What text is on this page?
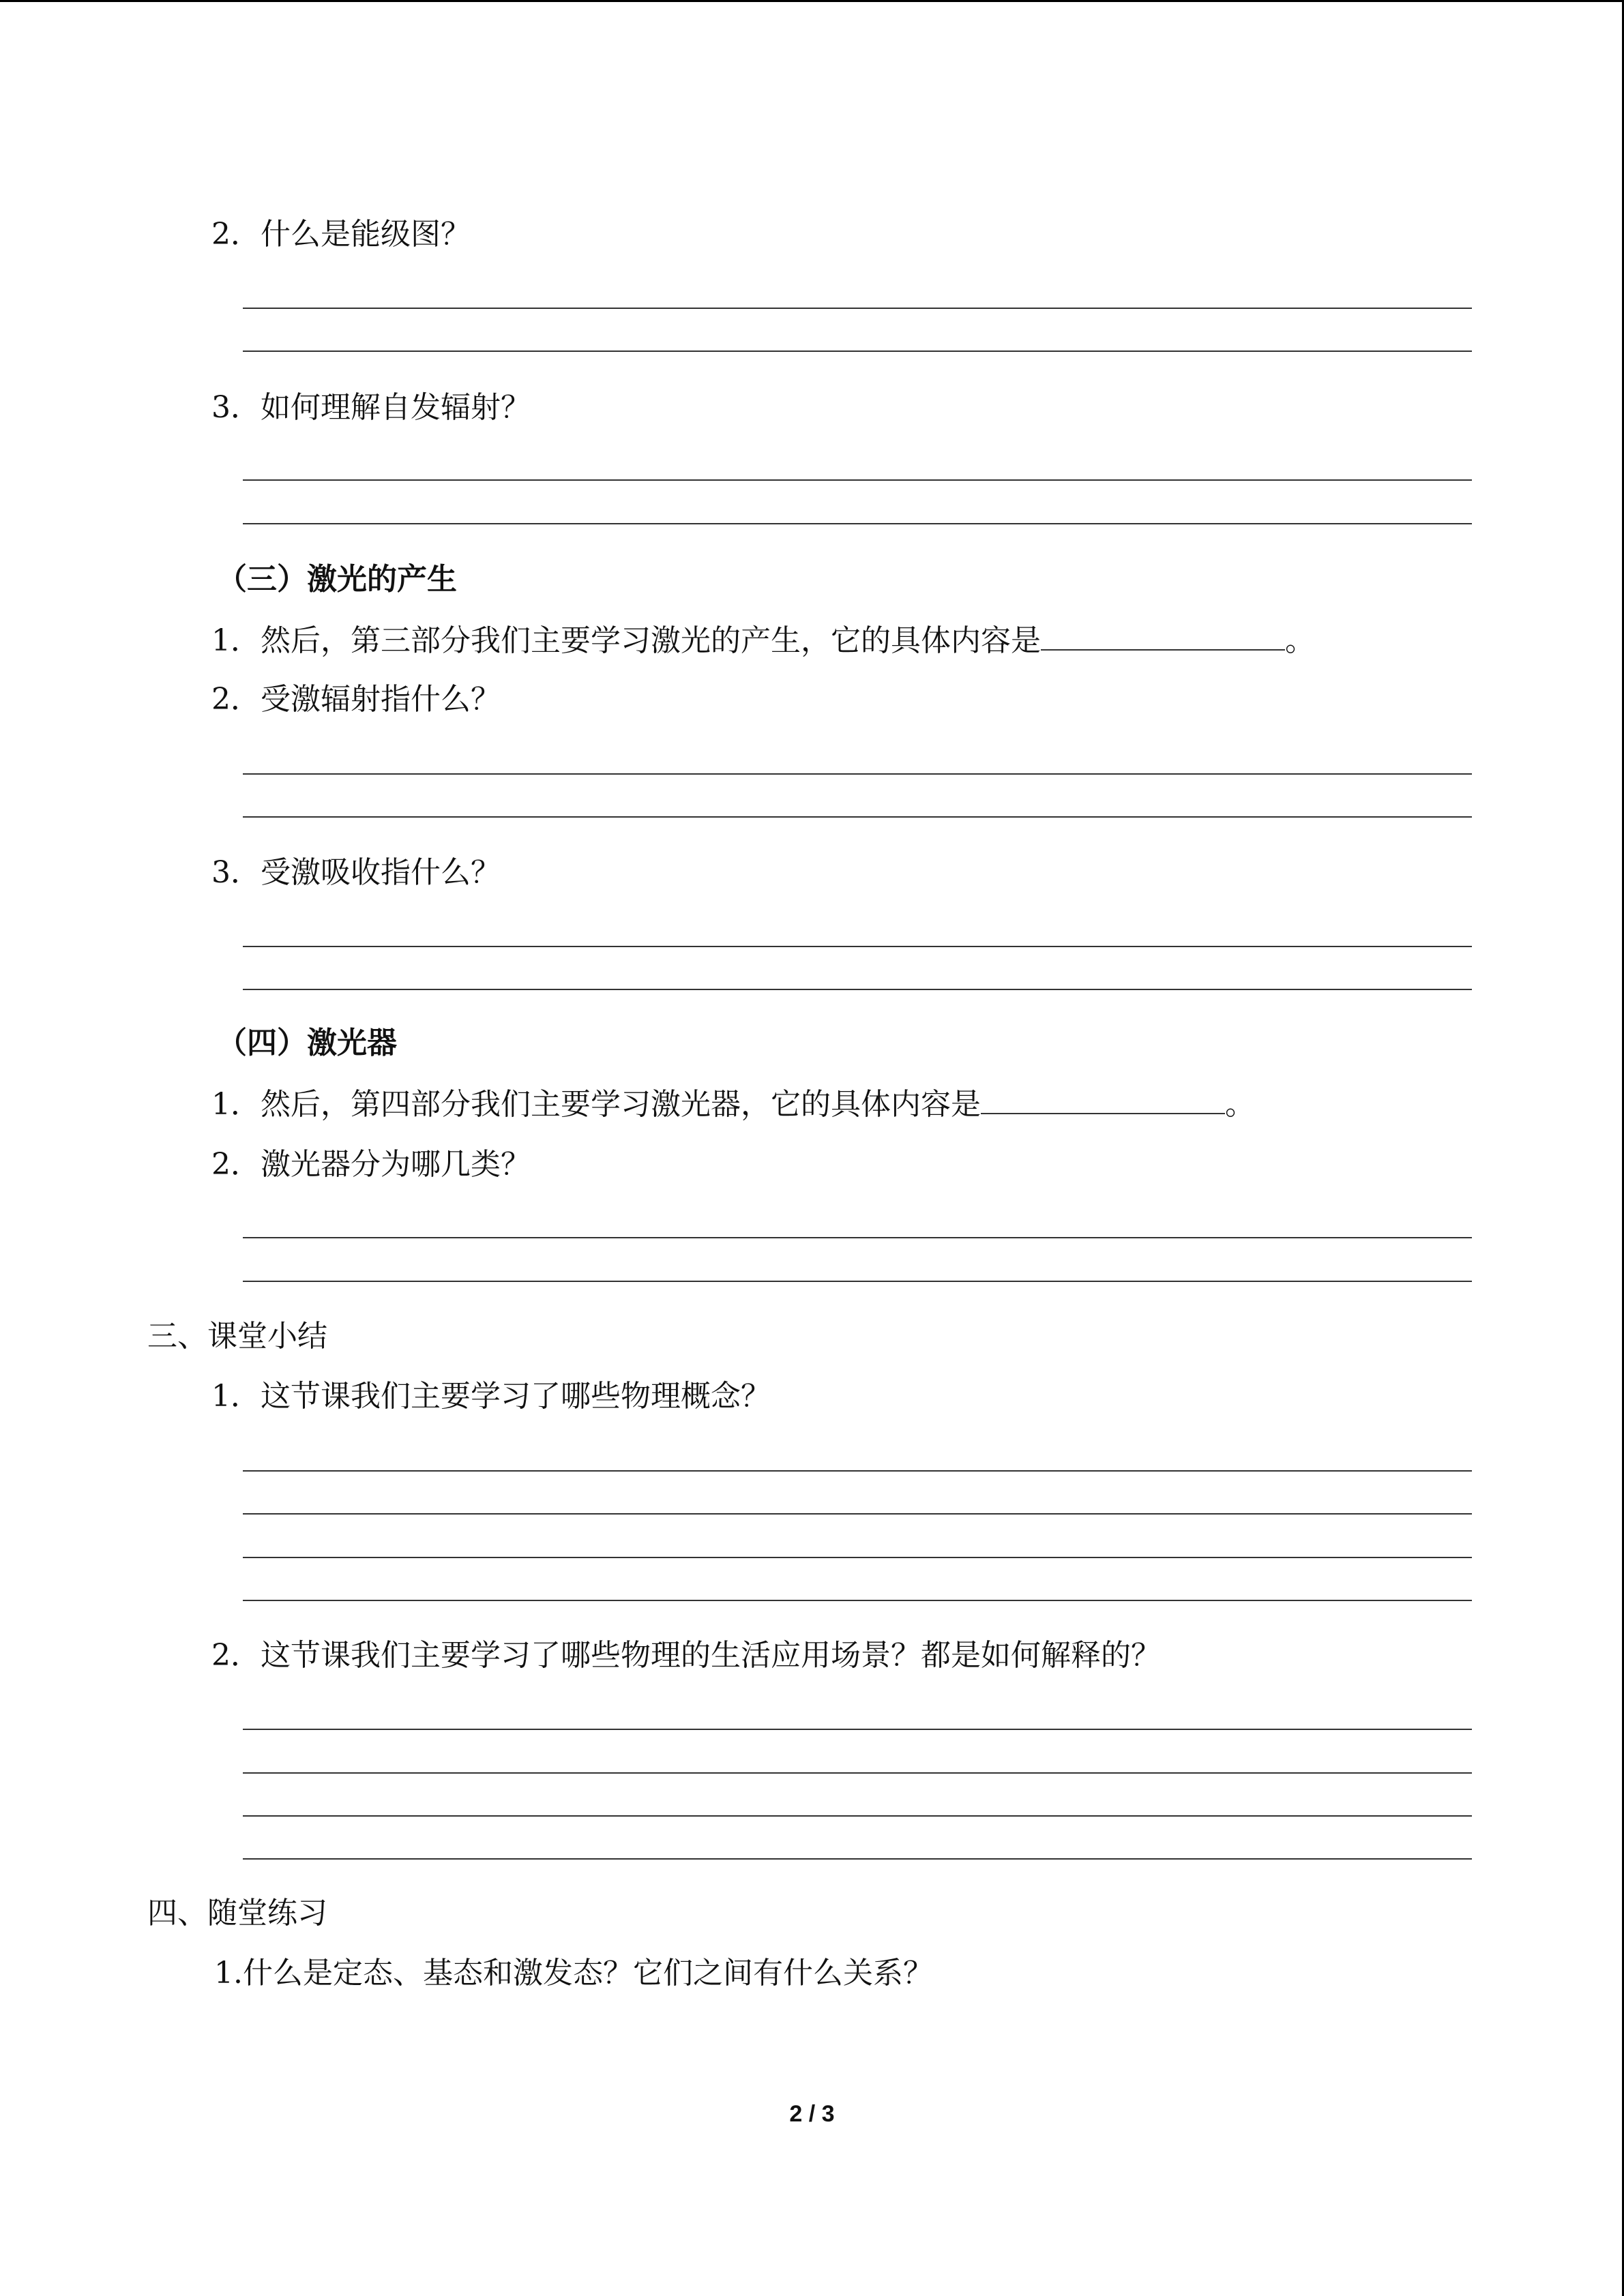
2．什么是能级图？
3．如何理解自发辐射？
（三）激光的产生
1．然后，第三部分我们主要学习激光的产生，它的具体内容是	。
2．受激辐射指什么？
3．受激吸收指什么？
（四）激光器
1．然后，第四部分我们主要学习激光器，它的具体内容是	。
2．激光器分为哪几类？
三、课堂小结
1．这节课我们主要学习了哪些物理概念？
2．这节课我们主要学习了哪些物理的生活应用场景？都是如何解释的？
四、随堂练习
1.什么是定态、基态和激发态？它们之间有什么关系？
2 / 3
